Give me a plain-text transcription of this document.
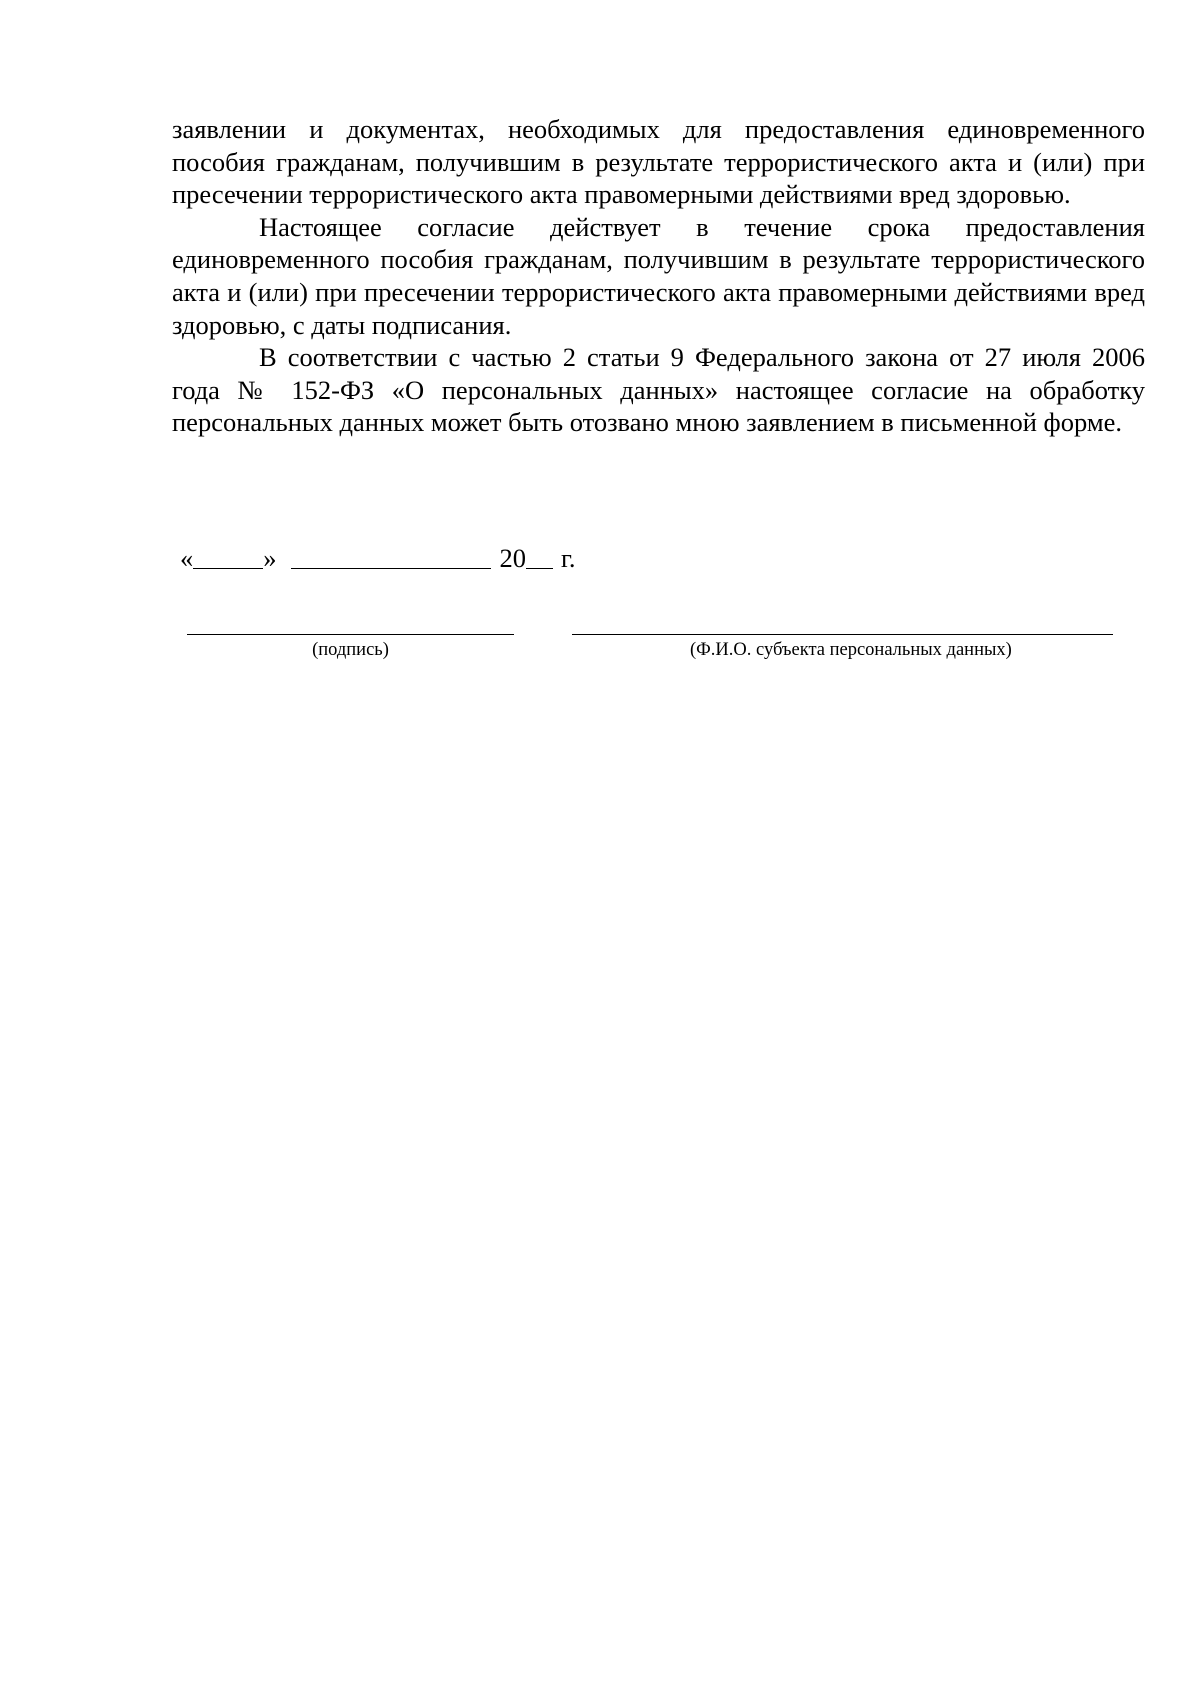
заявлении и документах, необходимых для предоставления единовременного пособия гражданам, получившим в результате террористического акта и (или) при пресечении террористического акта правомерными действиями вред здоровью.

Настоящее согласие действует в течение срока предоставления единовременного пособия гражданам, получившим в результате террористического акта и (или) при пресечении террористического акта правомерными действиями вред здоровью, с даты подписания.

В соответствии с частью 2 статьи 9 Федерального закона от 27 июля 2006 года № 152-ФЗ «О персональных данных» настоящее согласие на обработку персональных данных может быть отозвано мною заявлением в письменной форме.

«	»	20 г.
(подпись)	(Ф.И.О. субъекта персональных данных)
